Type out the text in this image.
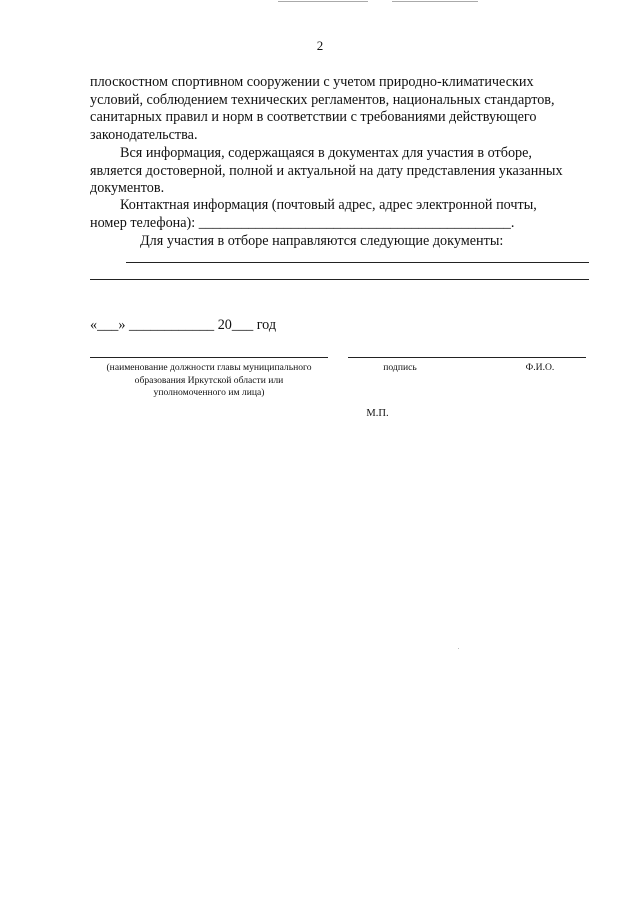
2
плоскостном спортивном сооружении с учетом природно-климатических
условий, соблюдением технических регламентов, национальных стандартов,
санитарных правил и норм в соответствии с требованиями действующего
законодательства.
Вся информация, содержащаяся в документах для участия в отборе,
является достоверной, полной и актуальной на дату представления указанных
документов.
Контактная информация (почтовый адрес, адрес электронной почты,
номер телефона): ____________________________________________.
Для участия в отборе направляются следующие документы:
«___» ____________ 20___ год
(наименование должности главы муниципального
образования Иркутской области или
уполномоченного им лица)
подпись	Ф.И.О.
М.П.
